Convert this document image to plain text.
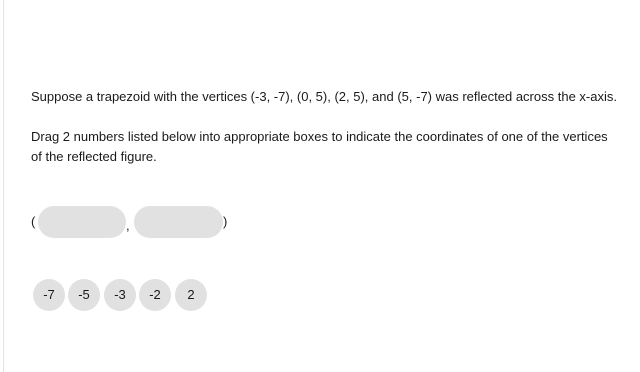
Suppose a trapezoid with the vertices (-3, -7), (0, 5), (2, 5), and (5, -7) was reflected across the x-axis.

Drag 2 numbers listed below into appropriate boxes to indicate the coordinates of one of the vertices of the reflected figure.

(	,	)
-7	-5	-3	-2	2
